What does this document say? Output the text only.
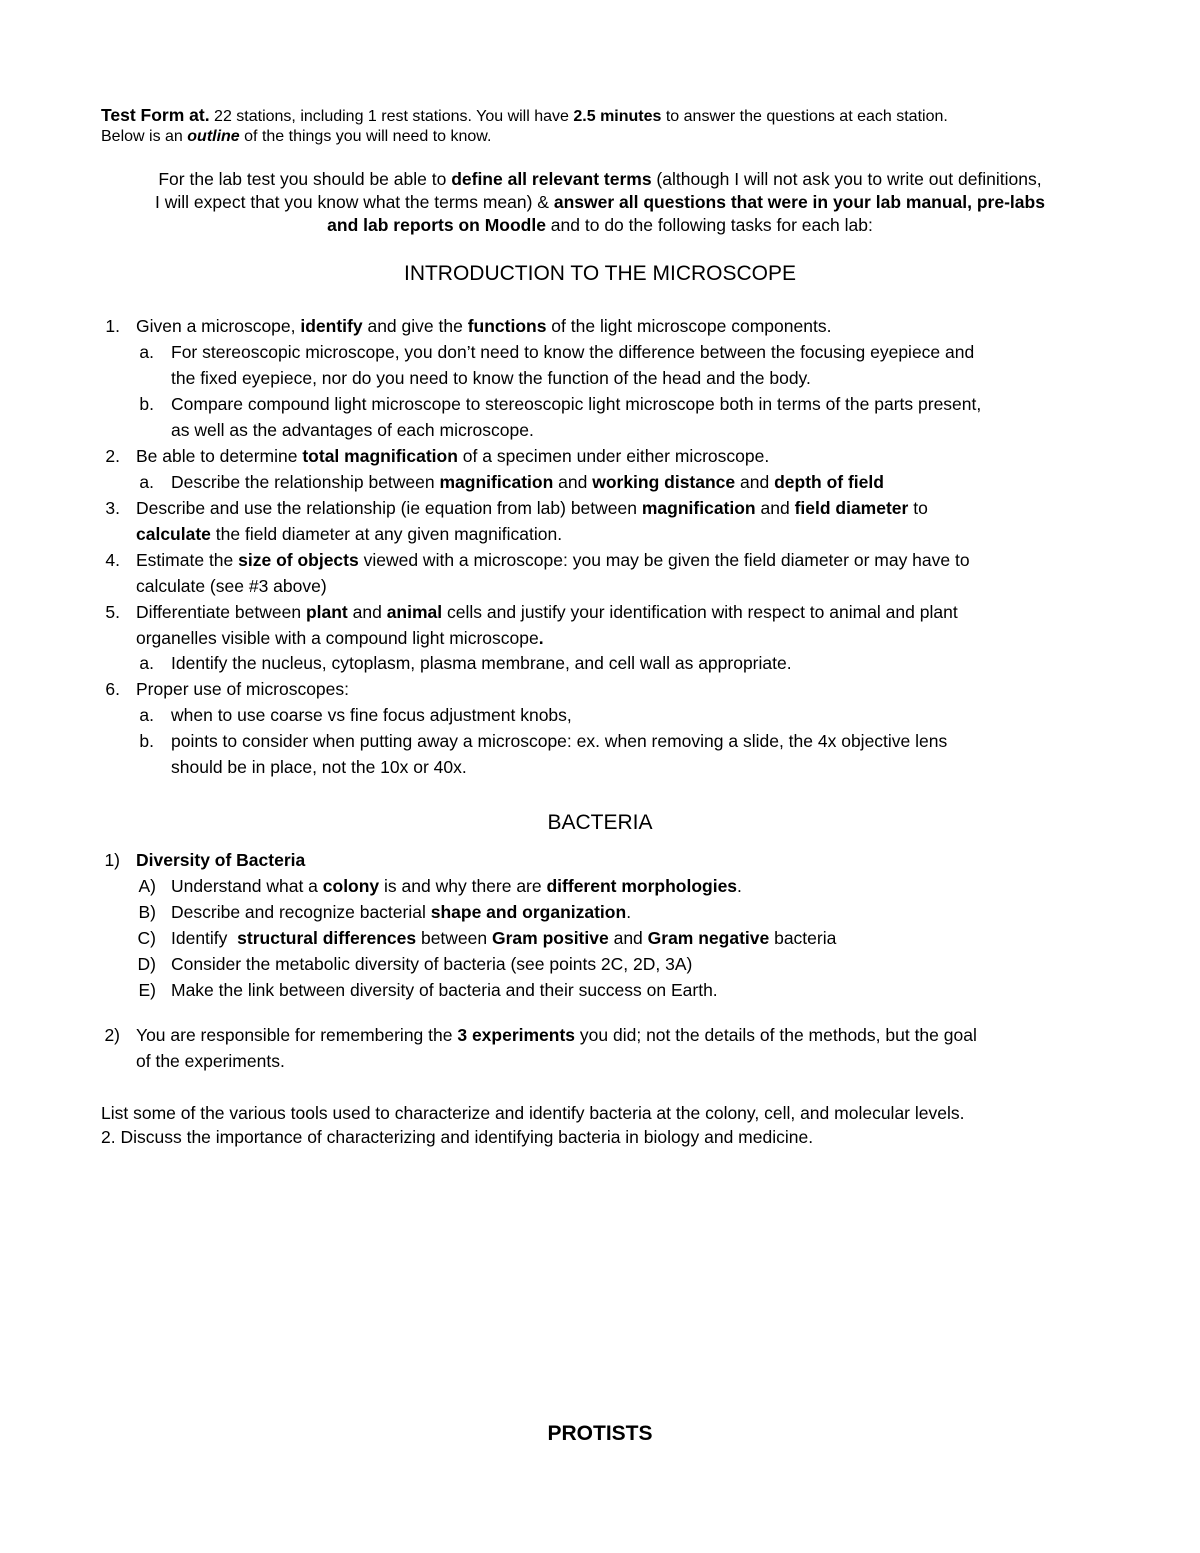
Test Form at. 22 stations, including 1 rest stations. You will have 2.5 minutes to answer the questions at each station.
Below is an outline of the things you will need to know.
For the lab test you should be able to define all relevant terms (although I will not ask you to write out definitions,
I will expect that you know what the terms mean) & answer all questions that were in your lab manual, pre-labs
and lab reports on Moodle and to do the following tasks for each lab:
INTRODUCTION TO THE MICROSCOPE
1. Given a microscope, identify and give the functions of the light microscope components.
a. For stereoscopic microscope, you don’t need to know the difference between the focusing eyepiece and
the fixed eyepiece, nor do you need to know the function of the head and the body.
b. Compare compound light microscope to stereoscopic light microscope both in terms of the parts present,
as well as the advantages of each microscope.
2. Be able to determine total magnification of a specimen under either microscope.
a. Describe the relationship between magnification and working distance and depth of field
3. Describe and use the relationship (ie equation from lab) between magnification and field diameter to
calculate the field diameter at any given magnification.
4. Estimate the size of objects viewed with a microscope: you may be given the field diameter or may have to
calculate (see #3 above)
5. Differentiate between plant and animal cells and justify your identification with respect to animal and plant
organelles visible with a compound light microscope.
a. Identify the nucleus, cytoplasm, plasma membrane, and cell wall as appropriate.
6. Proper use of microscopes:
a. when to use coarse vs fine focus adjustment knobs,
b. points to consider when putting away a microscope: ex. when removing a slide, the 4x objective lens
should be in place, not the 10x or 40x.
BACTERIA
1) Diversity of Bacteria
A) Understand what a colony is and why there are different morphologies.
B) Describe and recognize bacterial shape and organization.
C) Identify  structural differences between Gram positive and Gram negative bacteria
D) Consider the metabolic diversity of bacteria (see points 2C, 2D, 3A)
E) Make the link between diversity of bacteria and their success on Earth.
2) You are responsible for remembering the 3 experiments you did; not the details of the methods, but the goal
of the experiments.
List some of the various tools used to characterize and identify bacteria at the colony, cell, and molecular levels.
2. Discuss the importance of characterizing and identifying bacteria in biology and medicine.
PROTISTS
